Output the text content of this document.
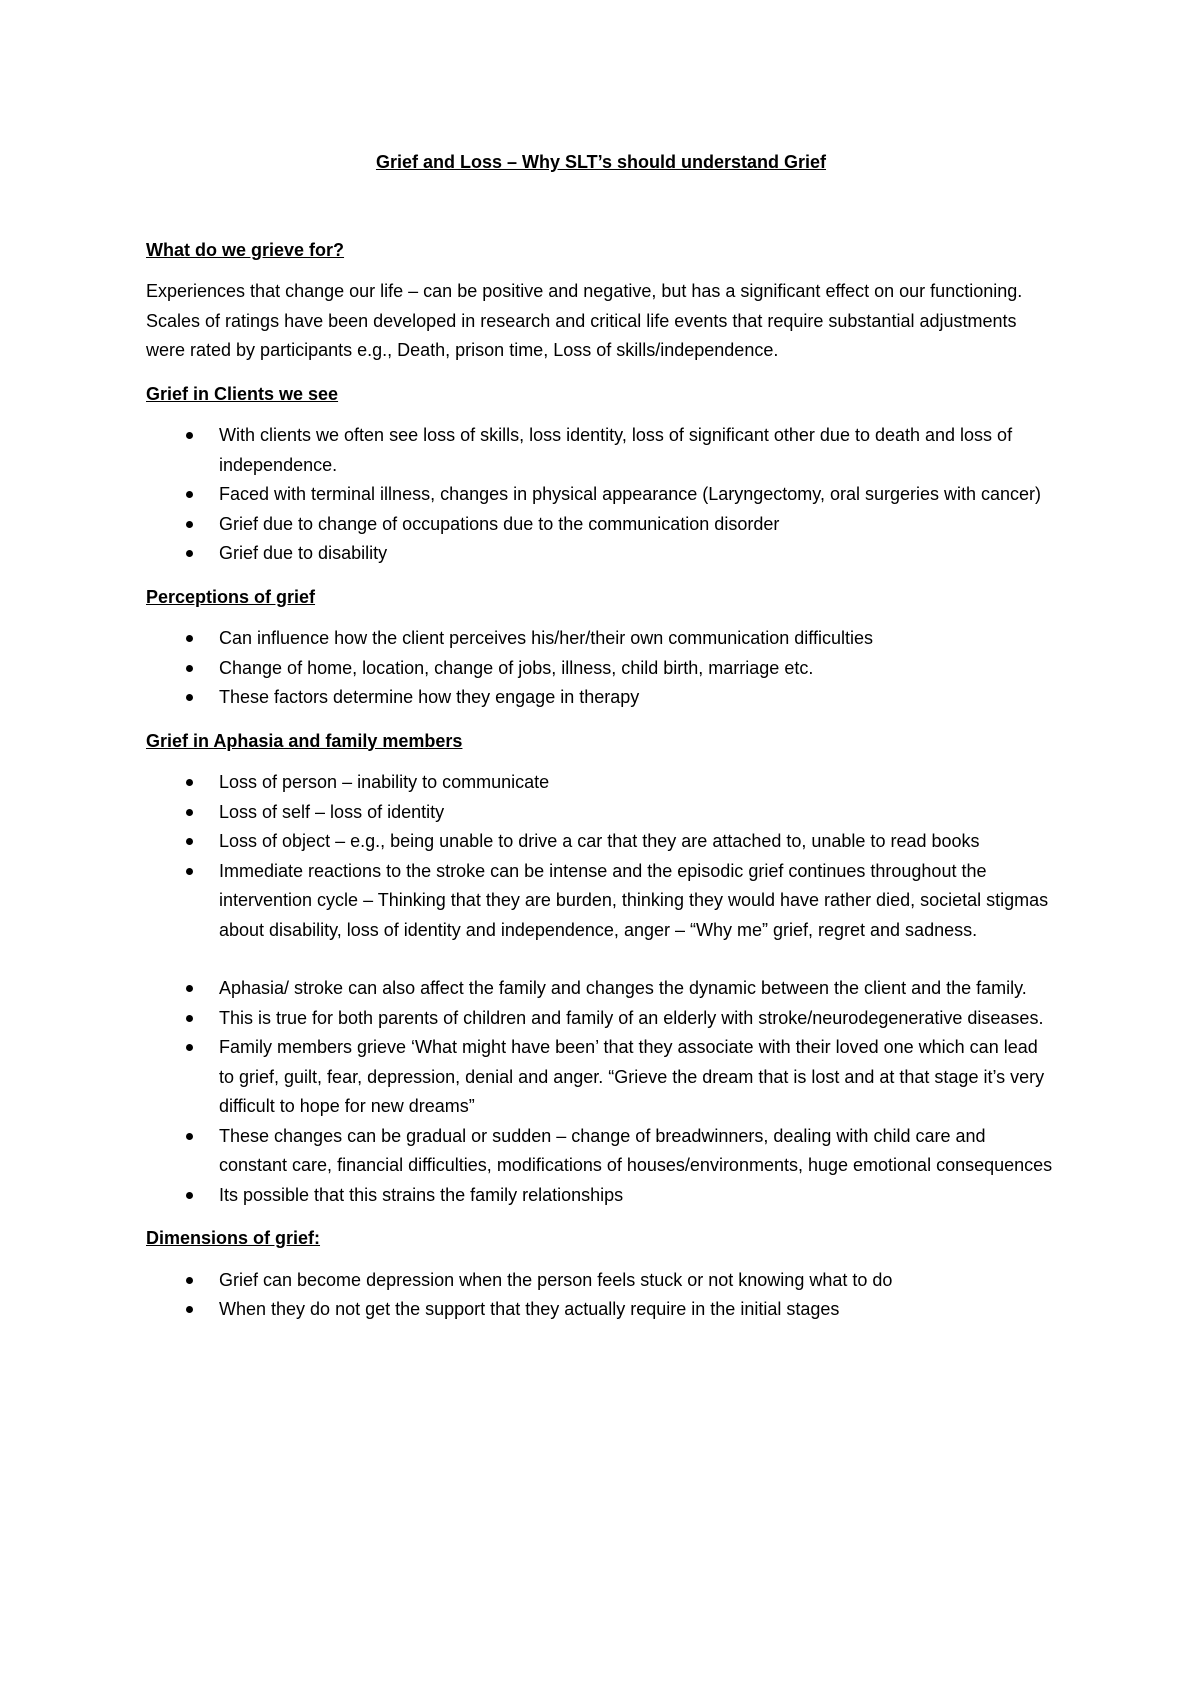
Grief and Loss – Why SLT’s should understand Grief
What do we grieve for?

Experiences that change our life – can be positive and negative, but has a significant effect on our functioning. Scales of ratings have been developed in research and critical life events that require substantial adjustments were rated by participants e.g., Death, prison time, Loss of skills/independence.

Grief in Clients we see
With clients we often see loss of skills, loss identity, loss of significant other due to death and loss of independence.
Faced with terminal illness, changes in physical appearance (Laryngectomy, oral surgeries with cancer)
Grief due to change of occupations due to the communication disorder
Grief due to disability
Perceptions of grief
Can influence how the client perceives his/her/their own communication difficulties
Change of home, location, change of jobs, illness, child birth, marriage etc.
These factors determine how they engage in therapy
Grief in Aphasia and family members
Loss of person – inability to communicate
Loss of self – loss of identity
Loss of object – e.g., being unable to drive a car that they are attached to, unable to read books
Immediate reactions to the stroke can be intense and the episodic grief continues throughout the intervention cycle – Thinking that they are burden, thinking they would have rather died, societal stigmas about disability, loss of identity and independence, anger – “Why me” grief, regret and sadness.
Aphasia/ stroke can also affect the family and changes the dynamic between the client and the family.
This is true for both parents of children and family of an elderly with stroke/neurodegenerative diseases.
Family members grieve ‘What might have been’ that they associate with their loved one which can lead to grief, guilt, fear, depression, denial and anger. “Grieve the dream that is lost and at that stage it’s very difficult to hope for new dreams”
These changes can be gradual or sudden – change of breadwinners, dealing with child care and constant care, financial difficulties, modifications of houses/environments, huge emotional consequences
Its possible that this strains the family relationships
Dimensions of grief:
Grief can become depression when the person feels stuck or not knowing what to do
When they do not get the support that they actually require in the initial stages
